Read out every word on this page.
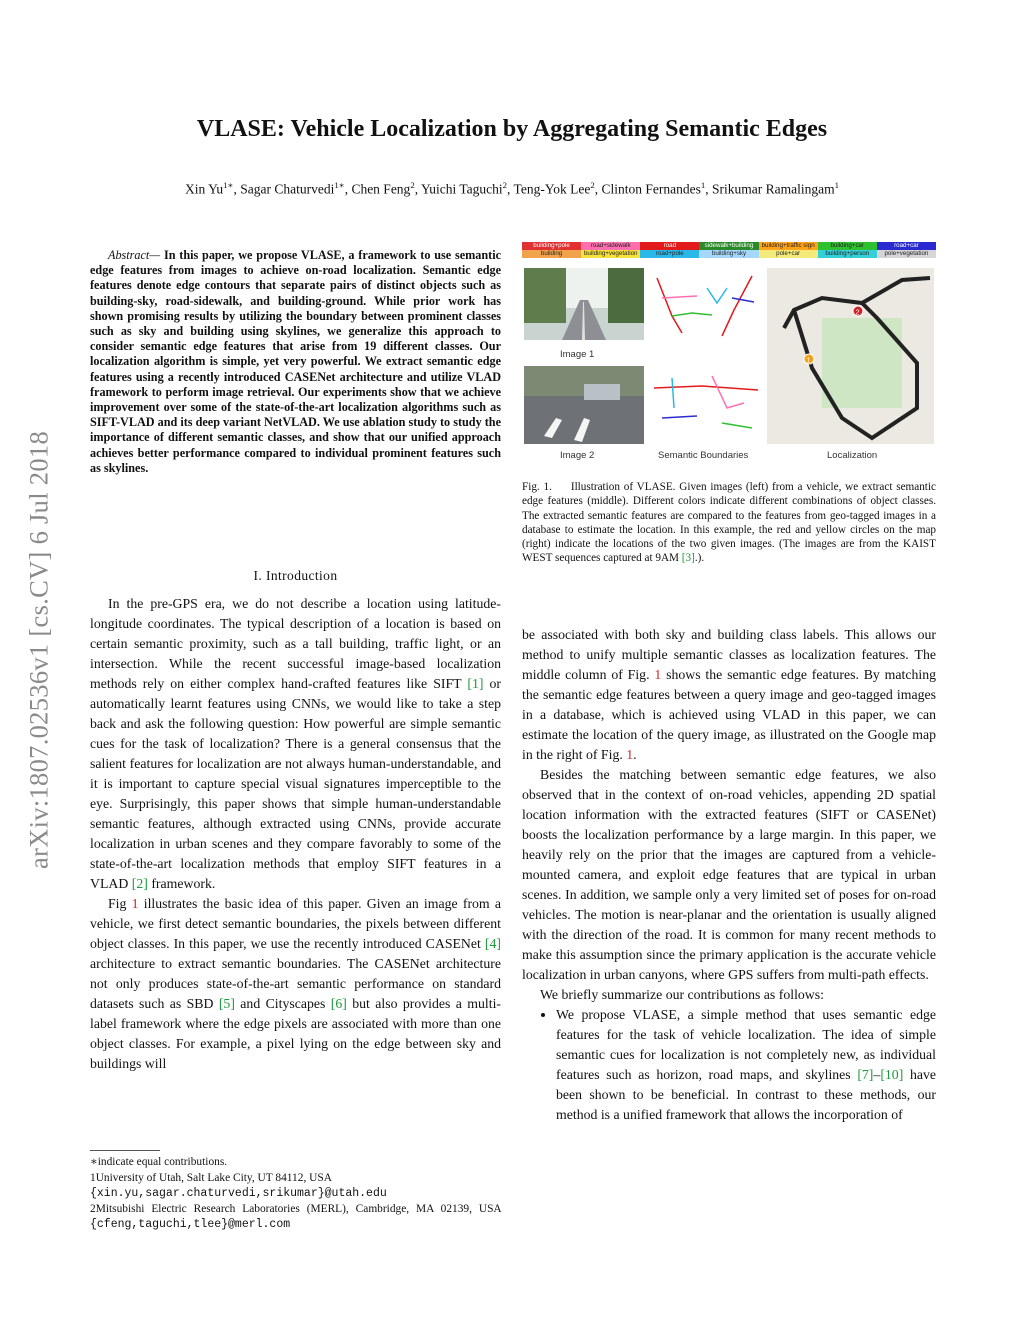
arXiv:1807.02536v1 [cs.CV] 6 Jul 2018
VLASE: Vehicle Localization by Aggregating Semantic Edges
Xin $Yu^{1∗}$, Sagar Chaturvedi$^{1∗}$, Chen Feng$^2$, Yuichi Taguchi$^2$, Teng-Yok Lee$^2$, Clinton Fernandes$^1$, Srikumar Ramalingam$^1$
Abstract— In this paper, we propose VLASE, a framework to use semantic edge features from images to achieve on-road localization. Semantic edge features denote edge contours that separate pairs of distinct objects such as building-sky, road-sidewalk, and building-ground. While prior work has shown promising results by utilizing the boundary between prominent classes such as sky and building using skylines, we generalize this approach to consider semantic edge features that arise from 19 different classes. Our localization algorithm is simple, yet very powerful. We extract semantic edge features using a recently introduced CASENet architecture and utilize VLAD framework to perform image retrieval. Our experiments show that we achieve improvement over some of the state-of-the-art localization algorithms such as SIFT-VLAD and its deep variant NetVLAD. We use ablation study to study the importance of different semantic classes, and show that our unified approach achieves better performance compared to individual prominent features such as skylines.
I. Introduction

In the pre-GPS era, we do not describe a location using latitude-longitude coordinates. The typical description of a location is based on certain semantic proximity, such as a tall building, traffic light, or an intersection. While the recent successful image-based localization methods rely on either complex hand-crafted features like SIFT [1] or automatically learnt features using CNNs, we would like to take a step back and ask the following question: How powerful are simple semantic cues for the task of localization? There is a general consensus that the salient features for localization are not always human-understandable, and it is important to capture special visual signatures imperceptible to the eye. Surprisingly, this paper shows that simple human-understandable semantic features, although extracted using CNNs, provide accurate localization in urban scenes and they compare favorably to some of the state-of-the-art localization methods that employ SIFT features in a VLAD [2] framework.

Fig 1 illustrates the basic idea of this paper. Given an image from a vehicle, we first detect semantic boundaries, the pixels between different object classes. In this paper, we use the recently introduced CASENet [4] architecture to extract semantic boundaries. The CASENet architecture not only produces state-of-the-art semantic performance on standard datasets such as SBD [5] and Cityscapes [6] but also provides a multi-label framework where the edge pixels are associated with more than one object classes. For example, a pixel lying on the edge between sky and buildings will

∗indicate equal contributions.
1University of Utah, Salt Lake City, UT 84112, USA
{xin.yu,sagar.chaturvedi,srikumar}@utah.edu
2Mitsubishi Electric Research Laboratories (MERL), Cambridge, MA 02139, USA {cfeng,taguchi,tlee}@merl.com
building+pole	road+sidewalk	road	sidewalk+building	building+traffic sign	building+car	road+car
building	building+vegetation	road+pole	building+sky	pole+car	building+person	pole+vegetation
Image 1
Image 2	Semantic Boundaries
1
2
Localization
Fig. 1. Illustration of VLASE. Given images (left) from a vehicle, we extract semantic edge features (middle). Different colors indicate different combinations of object classes. The extracted semantic features are compared to the features from geo-tagged images in a database to estimate the location. In this example, the red and yellow circles on the map (right) indicate the locations of the two given images. (The images are from the KAIST WEST sequences captured at 9AM [3].).

be associated with both sky and building class labels. This allows our method to unify multiple semantic classes as localization features. The middle column of Fig. 1 shows the semantic edge features. By matching the semantic edge features between a query image and geo-tagged images in a database, which is achieved using VLAD in this paper, we can estimate the location of the query image, as illustrated on the Google map in the right of Fig. 1.

Besides the matching between semantic edge features, we also observed that in the context of on-road vehicles, appending 2D spatial location information with the extracted features (SIFT or CASENet) boosts the localization performance by a large margin. In this paper, we heavily rely on the prior that the images are captured from a vehicle-mounted camera, and exploit edge features that are typical in urban scenes. In addition, we sample only a very limited set of poses for on-road vehicles. The motion is near-planar and the orientation is usually aligned with the direction of the road. It is common for many recent methods to make this assumption since the primary application is the accurate vehicle localization in urban canyons, where GPS suffers from multi-path effects.

We briefly summarize our contributions as follows:

• We propose VLASE, a simple method that uses semantic edge features for the task of vehicle localization. The idea of simple semantic cues for localization is not completely new, as individual features such as horizon, road maps, and skylines [7]–[10] have been shown to be beneficial. In contrast to these methods, our method is a unified framework that allows the incorporation of
